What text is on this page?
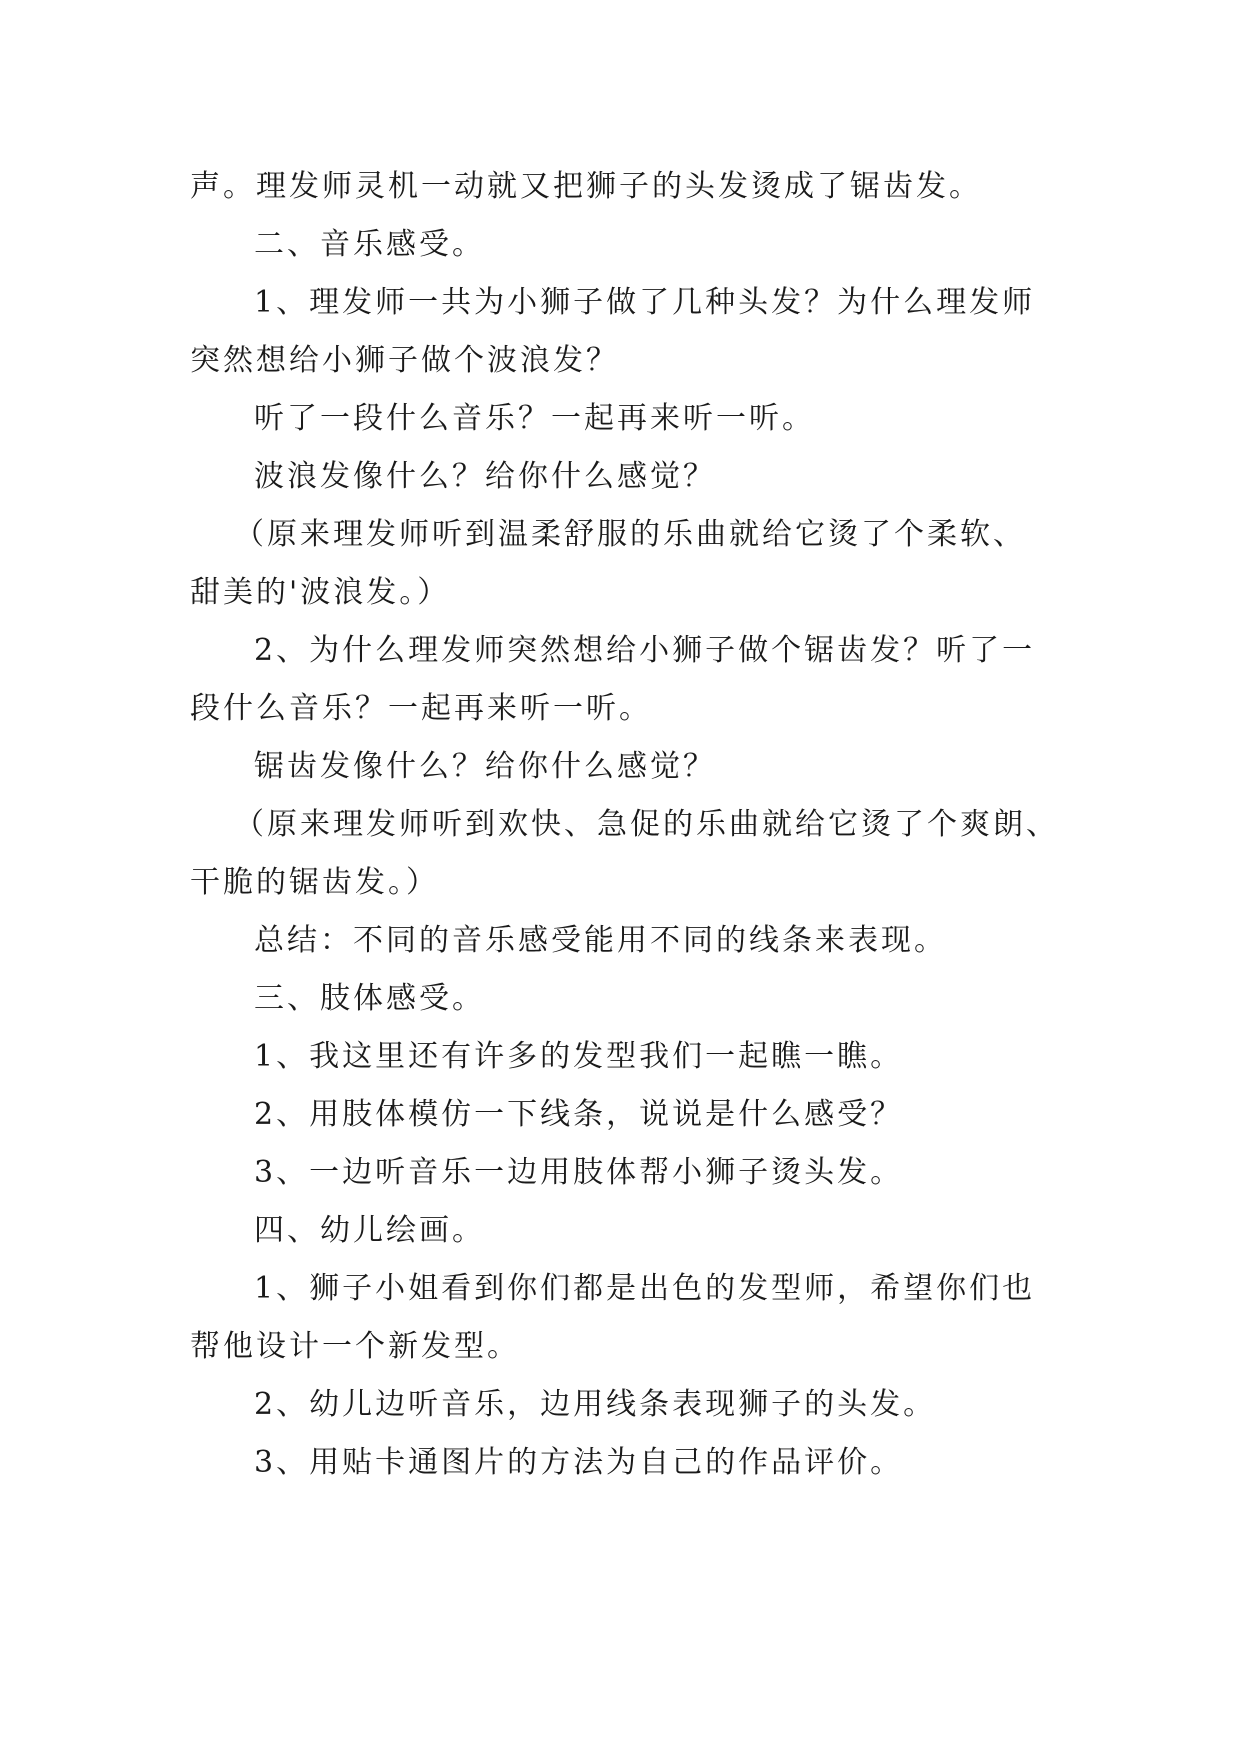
声。理发师灵机一动就又把狮子的头发烫成了锯齿发。
二、音乐感受。
1、理发师一共为小狮子做了几种头发？为什么理发师
突然想给小狮子做个波浪发？
听了一段什么音乐？一起再来听一听。
波浪发像什么？给你什么感觉？
（原来理发师听到温柔舒服的乐曲就给它烫了个柔软、
甜美的'波浪发。）
2、为什么理发师突然想给小狮子做个锯齿发？听了一
段什么音乐？一起再来听一听。
锯齿发像什么？给你什么感觉？
（原来理发师听到欢快、急促的乐曲就给它烫了个爽朗、
干脆的锯齿发。）
总结：不同的音乐感受能用不同的线条来表现。
三、肢体感受。
1、我这里还有许多的发型我们一起瞧一瞧。
2、用肢体模仿一下线条，说说是什么感受？
3、一边听音乐一边用肢体帮小狮子烫头发。
四、幼儿绘画。
1、狮子小姐看到你们都是出色的发型师，希望你们也
帮他设计一个新发型。
2、幼儿边听音乐，边用线条表现狮子的头发。
3、用贴卡通图片的方法为自己的作品评价。
